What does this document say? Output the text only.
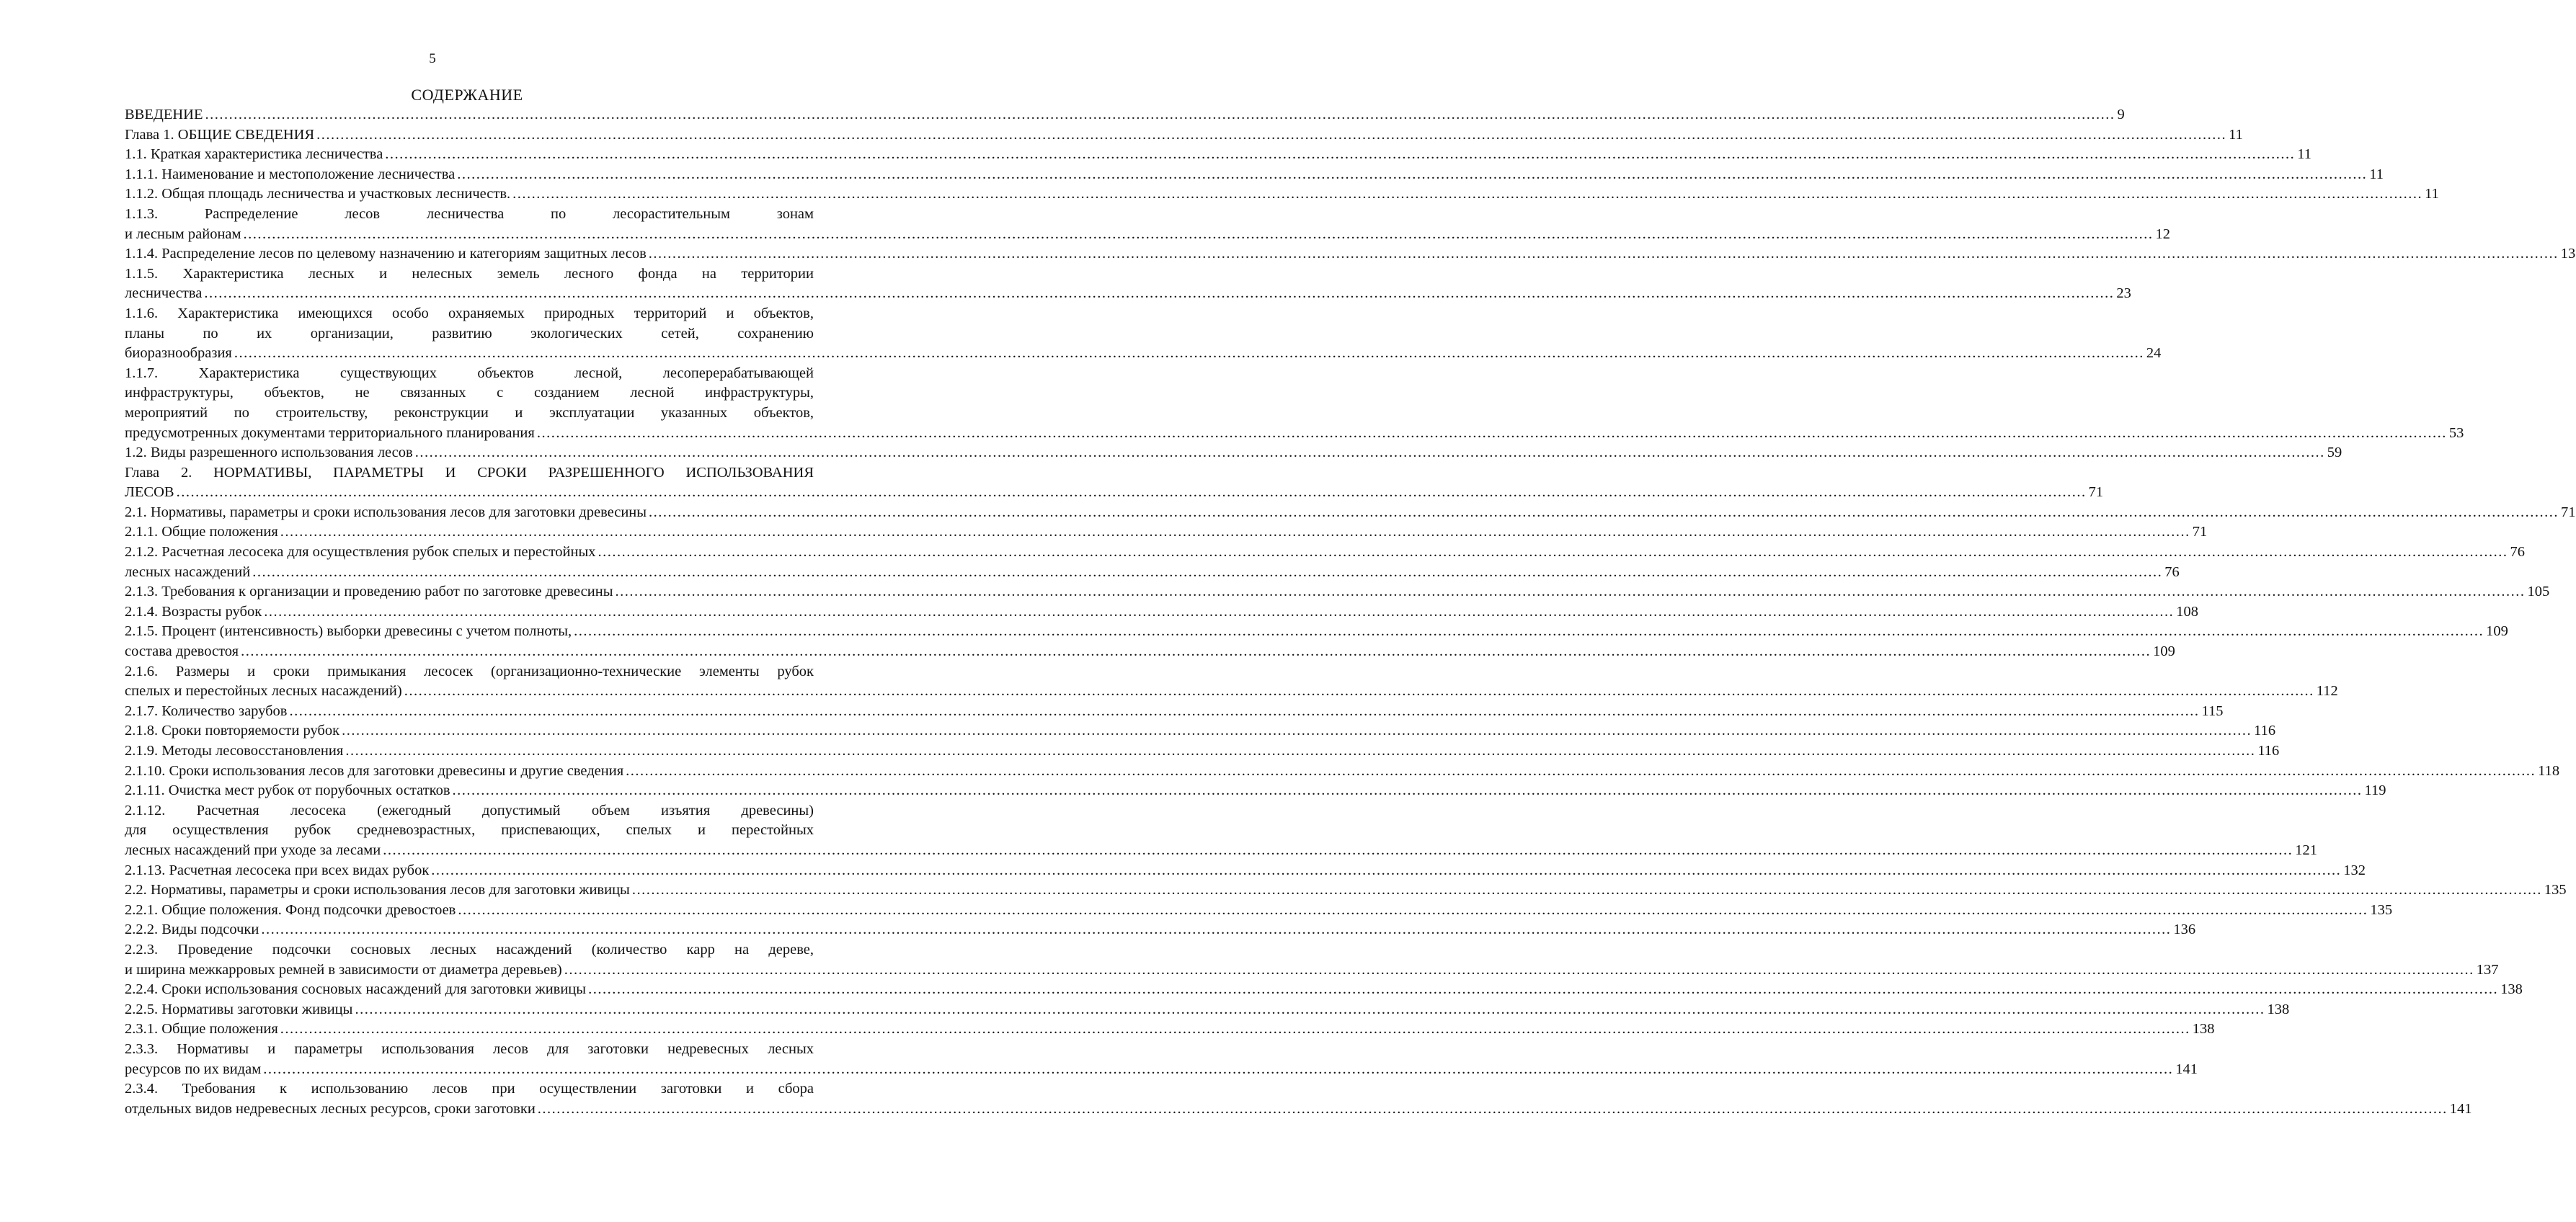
5
СОДЕРЖАНИЕ
ВВЕДЕНИЕ ................................................................................................................................................................................................................................................................................................................................................................................................................ 9
Глава 1. ОБЩИЕ СВЕДЕНИЯ ................................................................................................................................................................................................................................................................................................................................................................................................................ 11
1.1. Краткая характеристика лесничества ................................................................................................................................................................................................................................................................................................................................................................................................................ 11
1.1.1. Наименование и местоположение лесничества ................................................................................................................................................................................................................................................................................................................................................................................................................ 11
1.1.2. Общая площадь лесничества и участковых лесничеств. ................................................................................................................................................................................................................................................................................................................................................................................................................ 11
1.1.3. Распределение лесов лесничества по лесорастительным зонам
и лесным районам ................................................................................................................................................................................................................................................................................................................................................................................................................ 12
1.1.4. Распределение лесов по целевому назначению и категориям защитных лесов ................................................................................................................................................................................................................................................................................................................................................................................................................ 13
1.1.5. Характеристика лесных и нелесных земель лесного фонда на территории
лесничества ................................................................................................................................................................................................................................................................................................................................................................................................................ 23
1.1.6. Характеристика имеющихся особо охраняемых природных территорий и объектов,
планы по их организации, развитию экологических сетей, сохранению
биоразнообразия ................................................................................................................................................................................................................................................................................................................................................................................................................ 24
1.1.7. Характеристика существующих объектов лесной, лесоперерабатывающей
инфраструктуры, объектов, не связанных с созданием лесной инфраструктуры,
мероприятий по строительству, реконструкции и эксплуатации указанных объектов,
предусмотренных документами территориального планирования ................................................................................................................................................................................................................................................................................................................................................................................................................ 53
1.2. Виды разрешенного использования лесов ................................................................................................................................................................................................................................................................................................................................................................................................................ 59
Глава 2. НОРМАТИВЫ, ПАРАМЕТРЫ И СРОКИ РАЗРЕШЕННОГО ИСПОЛЬЗОВАНИЯ
ЛЕСОВ ................................................................................................................................................................................................................................................................................................................................................................................................................ 71
2.1. Нормативы, параметры и сроки использования лесов для заготовки древесины ................................................................................................................................................................................................................................................................................................................................................................................................................ 71
2.1.1. Общие положения ................................................................................................................................................................................................................................................................................................................................................................................................................ 71
2.1.2. Расчетная лесосека для осуществления рубок спелых и перестойных ................................................................................................................................................................................................................................................................................................................................................................................................................ 76
лесных насаждений ................................................................................................................................................................................................................................................................................................................................................................................................................ 76
2.1.3. Требования к организации и проведению работ по заготовке древесины ................................................................................................................................................................................................................................................................................................................................................................................................................ 105
2.1.4. Возрасты рубок ................................................................................................................................................................................................................................................................................................................................................................................................................ 108
2.1.5. Процент (интенсивность) выборки древесины с учетом полноты, ................................................................................................................................................................................................................................................................................................................................................................................................................ 109
состава древостоя ................................................................................................................................................................................................................................................................................................................................................................................................................ 109
2.1.6. Размеры и сроки примыкания лесосек (организационно-технические элементы рубок
спелых и перестойных лесных насаждений) ................................................................................................................................................................................................................................................................................................................................................................................................................ 112
2.1.7. Количество зарубов ................................................................................................................................................................................................................................................................................................................................................................................................................ 115
2.1.8. Сроки повторяемости рубок ................................................................................................................................................................................................................................................................................................................................................................................................................ 116
2.1.9. Методы лесовосстановления ................................................................................................................................................................................................................................................................................................................................................................................................................ 116
2.1.10. Сроки использования лесов для заготовки древесины и другие сведения ................................................................................................................................................................................................................................................................................................................................................................................................................ 118
2.1.11. Очистка мест рубок от порубочных остатков ................................................................................................................................................................................................................................................................................................................................................................................................................ 119
2.1.12. Расчетная лесосека (ежегодный допустимый объем изъятия древесины)
для осуществления рубок средневозрастных, приспевающих, спелых и перестойных
лесных насаждений при уходе за лесами ................................................................................................................................................................................................................................................................................................................................................................................................................ 121
2.1.13. Расчетная лесосека при всех видах рубок ................................................................................................................................................................................................................................................................................................................................................................................................................ 132
2.2. Нормативы, параметры и сроки использования лесов для заготовки живицы ................................................................................................................................................................................................................................................................................................................................................................................................................ 135
2.2.1. Общие положения. Фонд подсочки древостоев ................................................................................................................................................................................................................................................................................................................................................................................................................ 135
2.2.2. Виды подсочки ................................................................................................................................................................................................................................................................................................................................................................................................................ 136
2.2.3. Проведение подсочки сосновых лесных насаждений (количество карр на дереве,
и ширина межкарровых ремней в зависимости от диаметра деревьев) ................................................................................................................................................................................................................................................................................................................................................................................................................ 137
2.2.4. Сроки использования сосновых насаждений для заготовки живицы ................................................................................................................................................................................................................................................................................................................................................................................................................ 138
2.2.5. Нормативы заготовки живицы ................................................................................................................................................................................................................................................................................................................................................................................................................ 138
2.3.1. Общие положения ................................................................................................................................................................................................................................................................................................................................................................................................................ 138
2.3.3. Нормативы и параметры использования лесов для заготовки недревесных лесных
ресурсов по их видам ................................................................................................................................................................................................................................................................................................................................................................................................................ 141
2.3.4. Требования к использованию лесов при осуществлении заготовки и сбора
отдельных видов недревесных лесных ресурсов, сроки заготовки ................................................................................................................................................................................................................................................................................................................................................................................................................ 141
